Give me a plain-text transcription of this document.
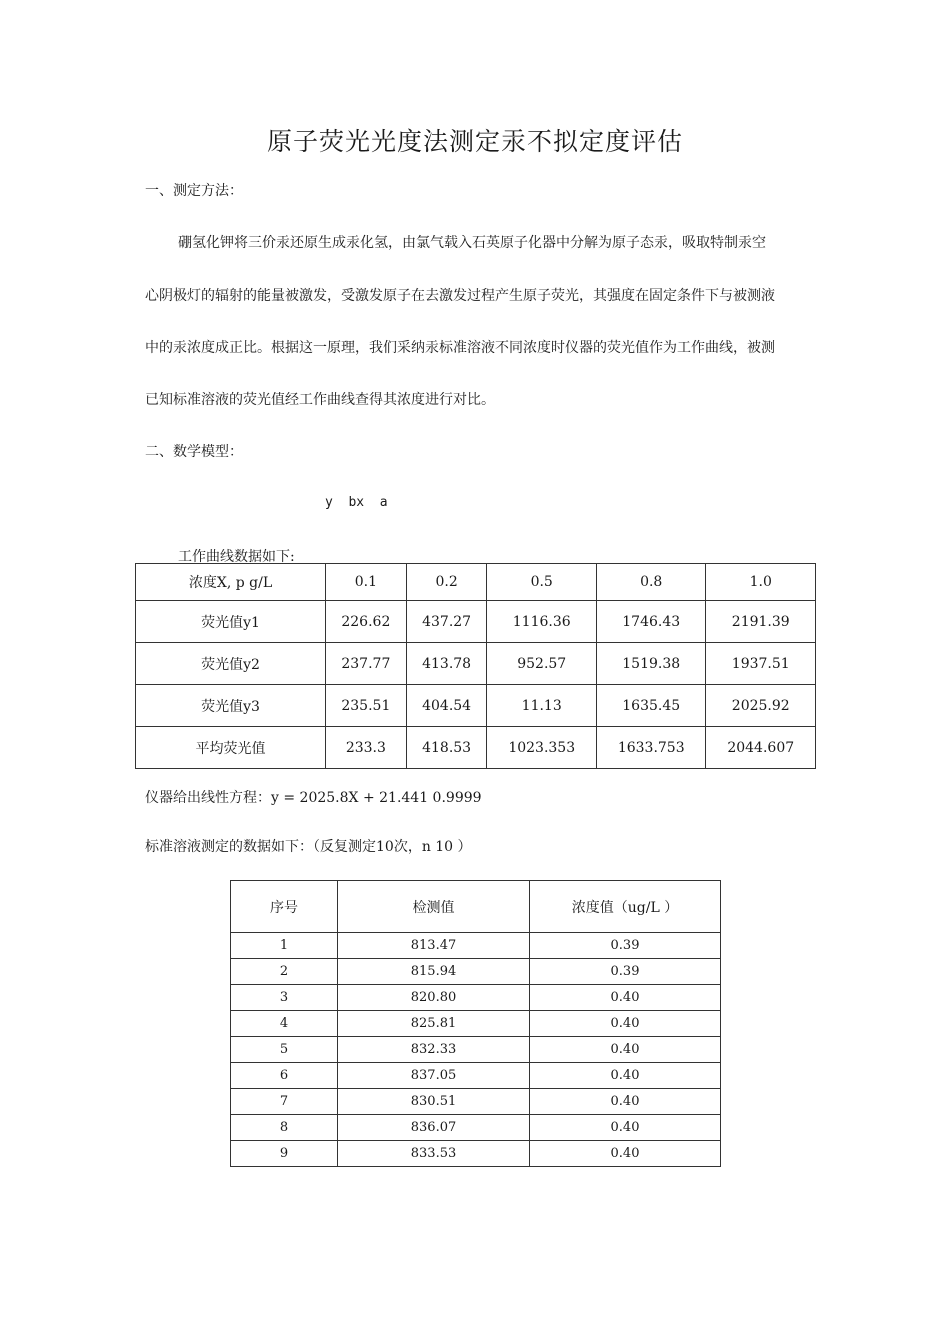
原子荧光光度法测定汞不拟定度评估
一、测定方法：
硼氢化钾将三价汞还原生成汞化氢，由氯气载入石英原子化器中分解为原子态汞，吸取特制汞空
心阴极灯的辐射的能量被激发，受激发原子在去激发过程产生原子荧光，其强度在固定条件下与被测液
中的汞浓度成正比。根据这一原理，我们采纳汞标准溶液不同浓度时仪器的荧光值作为工作曲线，被测
已知标准溶液的荧光值经工作曲线查得其浓度进行对比。
二、数学模型：
y  bx  a
工作曲线数据如下:
浓度X, p g/L	0.1	0.2	0.5	0.8	1.0
荧光值y1	226.62	437.27	1116.36	1746.43	2191.39
荧光值y2	237.77	413.78	952.57	1519.38	1937.51
荧光值y3	235.51	404.54	11.13	1635.45	2025.92
平均荧光值	233.3	418.53	1023.353	1633.753	2044.607
仪器给出线性方程：y = 2025.8X + 21.441 0.9999
标准溶液测定的数据如下：（反复测定10次，n 10 ）
序号	检测值	浓度值（ug/L ）
1	813.47	0.39
2	815.94	0.39
3	820.80	0.40
4	825.81	0.40
5	832.33	0.40
6	837.05	0.40
7	830.51	0.40
8	836.07	0.40
9	833.53	0.40
